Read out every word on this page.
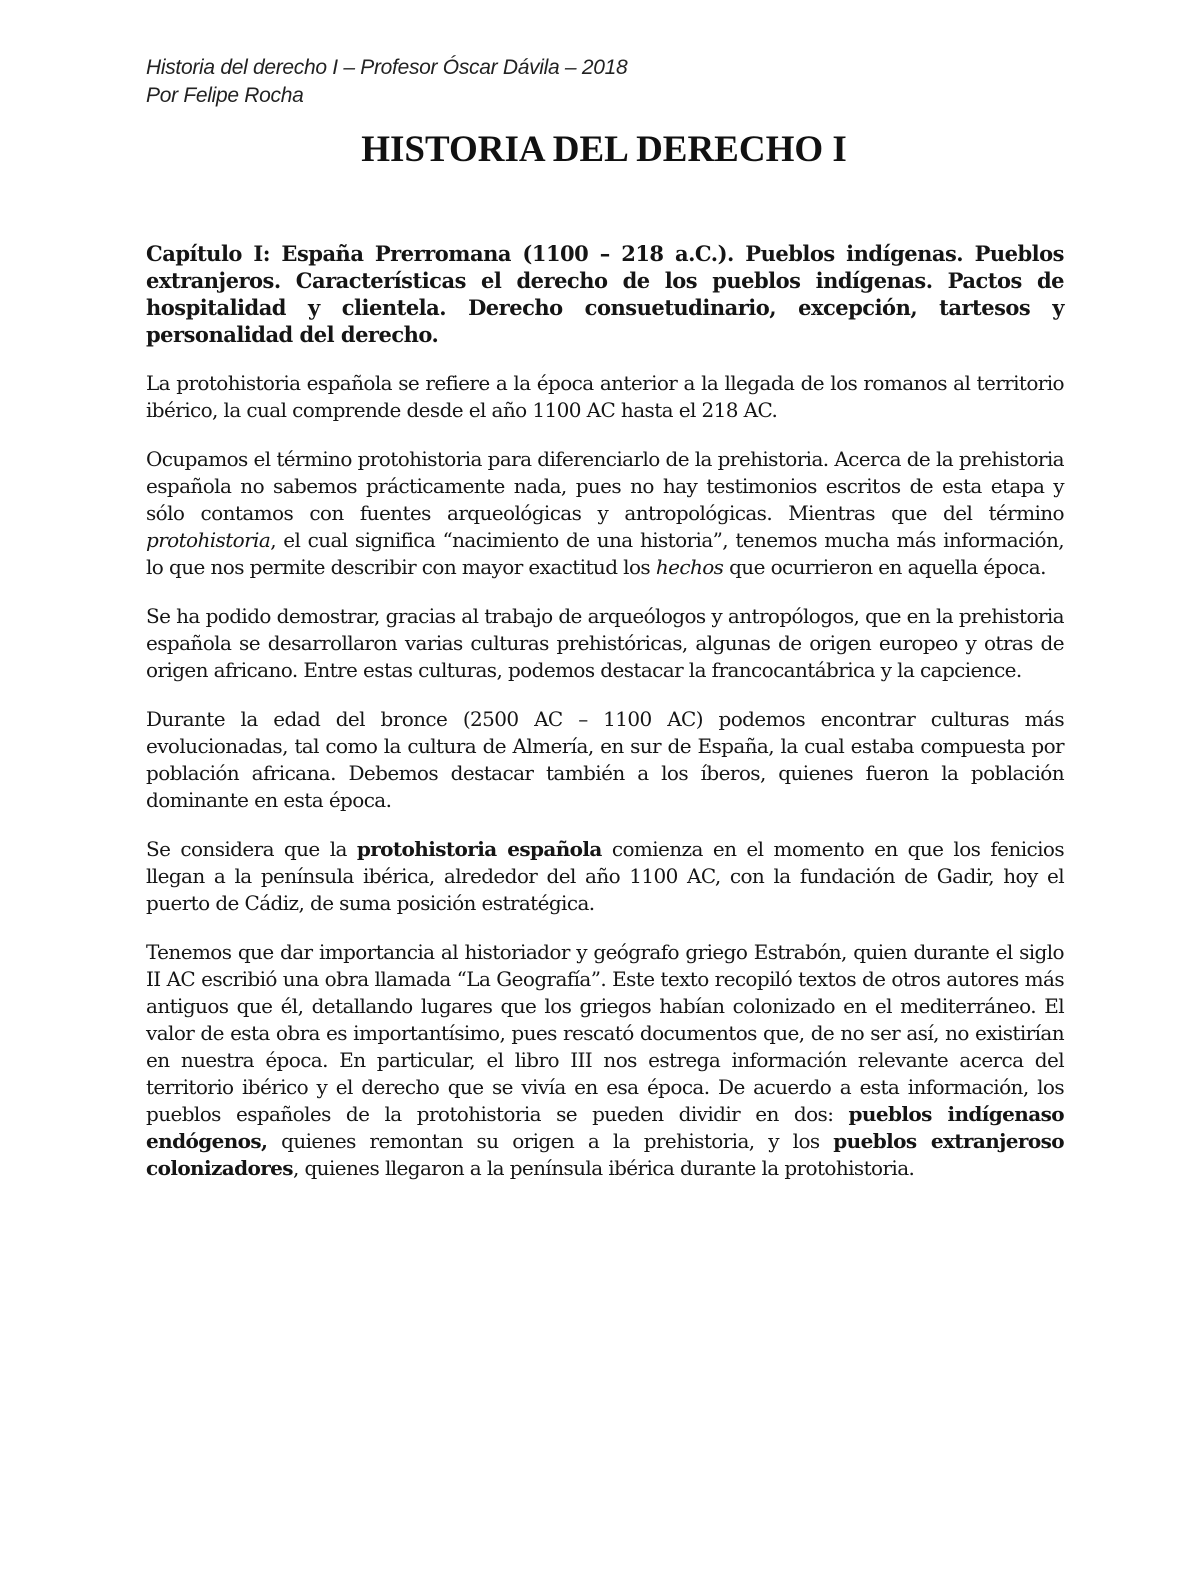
Historia del derecho I – Profesor Óscar Dávila – 2018
Por Felipe Rocha
HISTORIA DEL DERECHO I

Capítulo I: España Prerromana (1100 – 218 a.C.). Pueblos indígenas. Pueblos extranjeros. Características el derecho de los pueblos indígenas. Pactos de hospitalidad y clientela. Derecho consuetudinario, excepción, tartesos y personalidad del derecho.

La protohistoria española se refiere a la época anterior a la llegada de los romanos al territorio ibérico, la cual comprende desde el año 1100 AC hasta el 218 AC.

Ocupamos el término protohistoria para diferenciarlo de la prehistoria. Acerca de la prehistoria española no sabemos prácticamente nada, pues no hay testimonios escritos de esta etapa y sólo contamos con fuentes arqueológicas y antropológicas. Mientras que del término protohistoria, el cual significa “nacimiento de una historia”, tenemos mucha más información, lo que nos permite describir con mayor exactitud los hechos que ocurrieron en aquella época.

Se ha podido demostrar, gracias al trabajo de arqueólogos y antropólogos, que en la prehistoria española se desarrollaron varias culturas prehistóricas, algunas de origen europeo y otras de origen africano. Entre estas culturas, podemos destacar la francocantábrica y la capcience.

Durante la edad del bronce (2500 AC – 1100 AC) podemos encontrar culturas más evolucionadas, tal como la cultura de Almería, en sur de España, la cual estaba compuesta por población africana. Debemos destacar también a los íberos, quienes fueron la población dominante en esta época.

Se considera que la protohistoria española comienza en el momento en que los fenicios llegan a la península ibérica, alrededor del año 1100 AC, con la fundación de Gadir, hoy el puerto de Cádiz, de suma posición estratégica.

Tenemos que dar importancia al historiador y geógrafo griego Estrabón, quien durante el siglo II AC escribió una obra llamada “La Geografía”. Este texto recopiló textos de otros autores más antiguos que él, detallando lugares que los griegos habían colonizado en el mediterráneo. El valor de esta obra es importantísimo, pues rescató documentos que, de no ser así, no existirían en nuestra época. En particular, el libro III nos estrega información relevante acerca del territorio ibérico y el derecho que se vivía en esa época. De acuerdo a esta información, los pueblos españoles de la protohistoria se pueden dividir en dos: pueblos indígenaso endógenos, quienes remontan su origen a la prehistoria, y los pueblos extranjeroso colonizadores, quienes llegaron a la península ibérica durante la protohistoria.
